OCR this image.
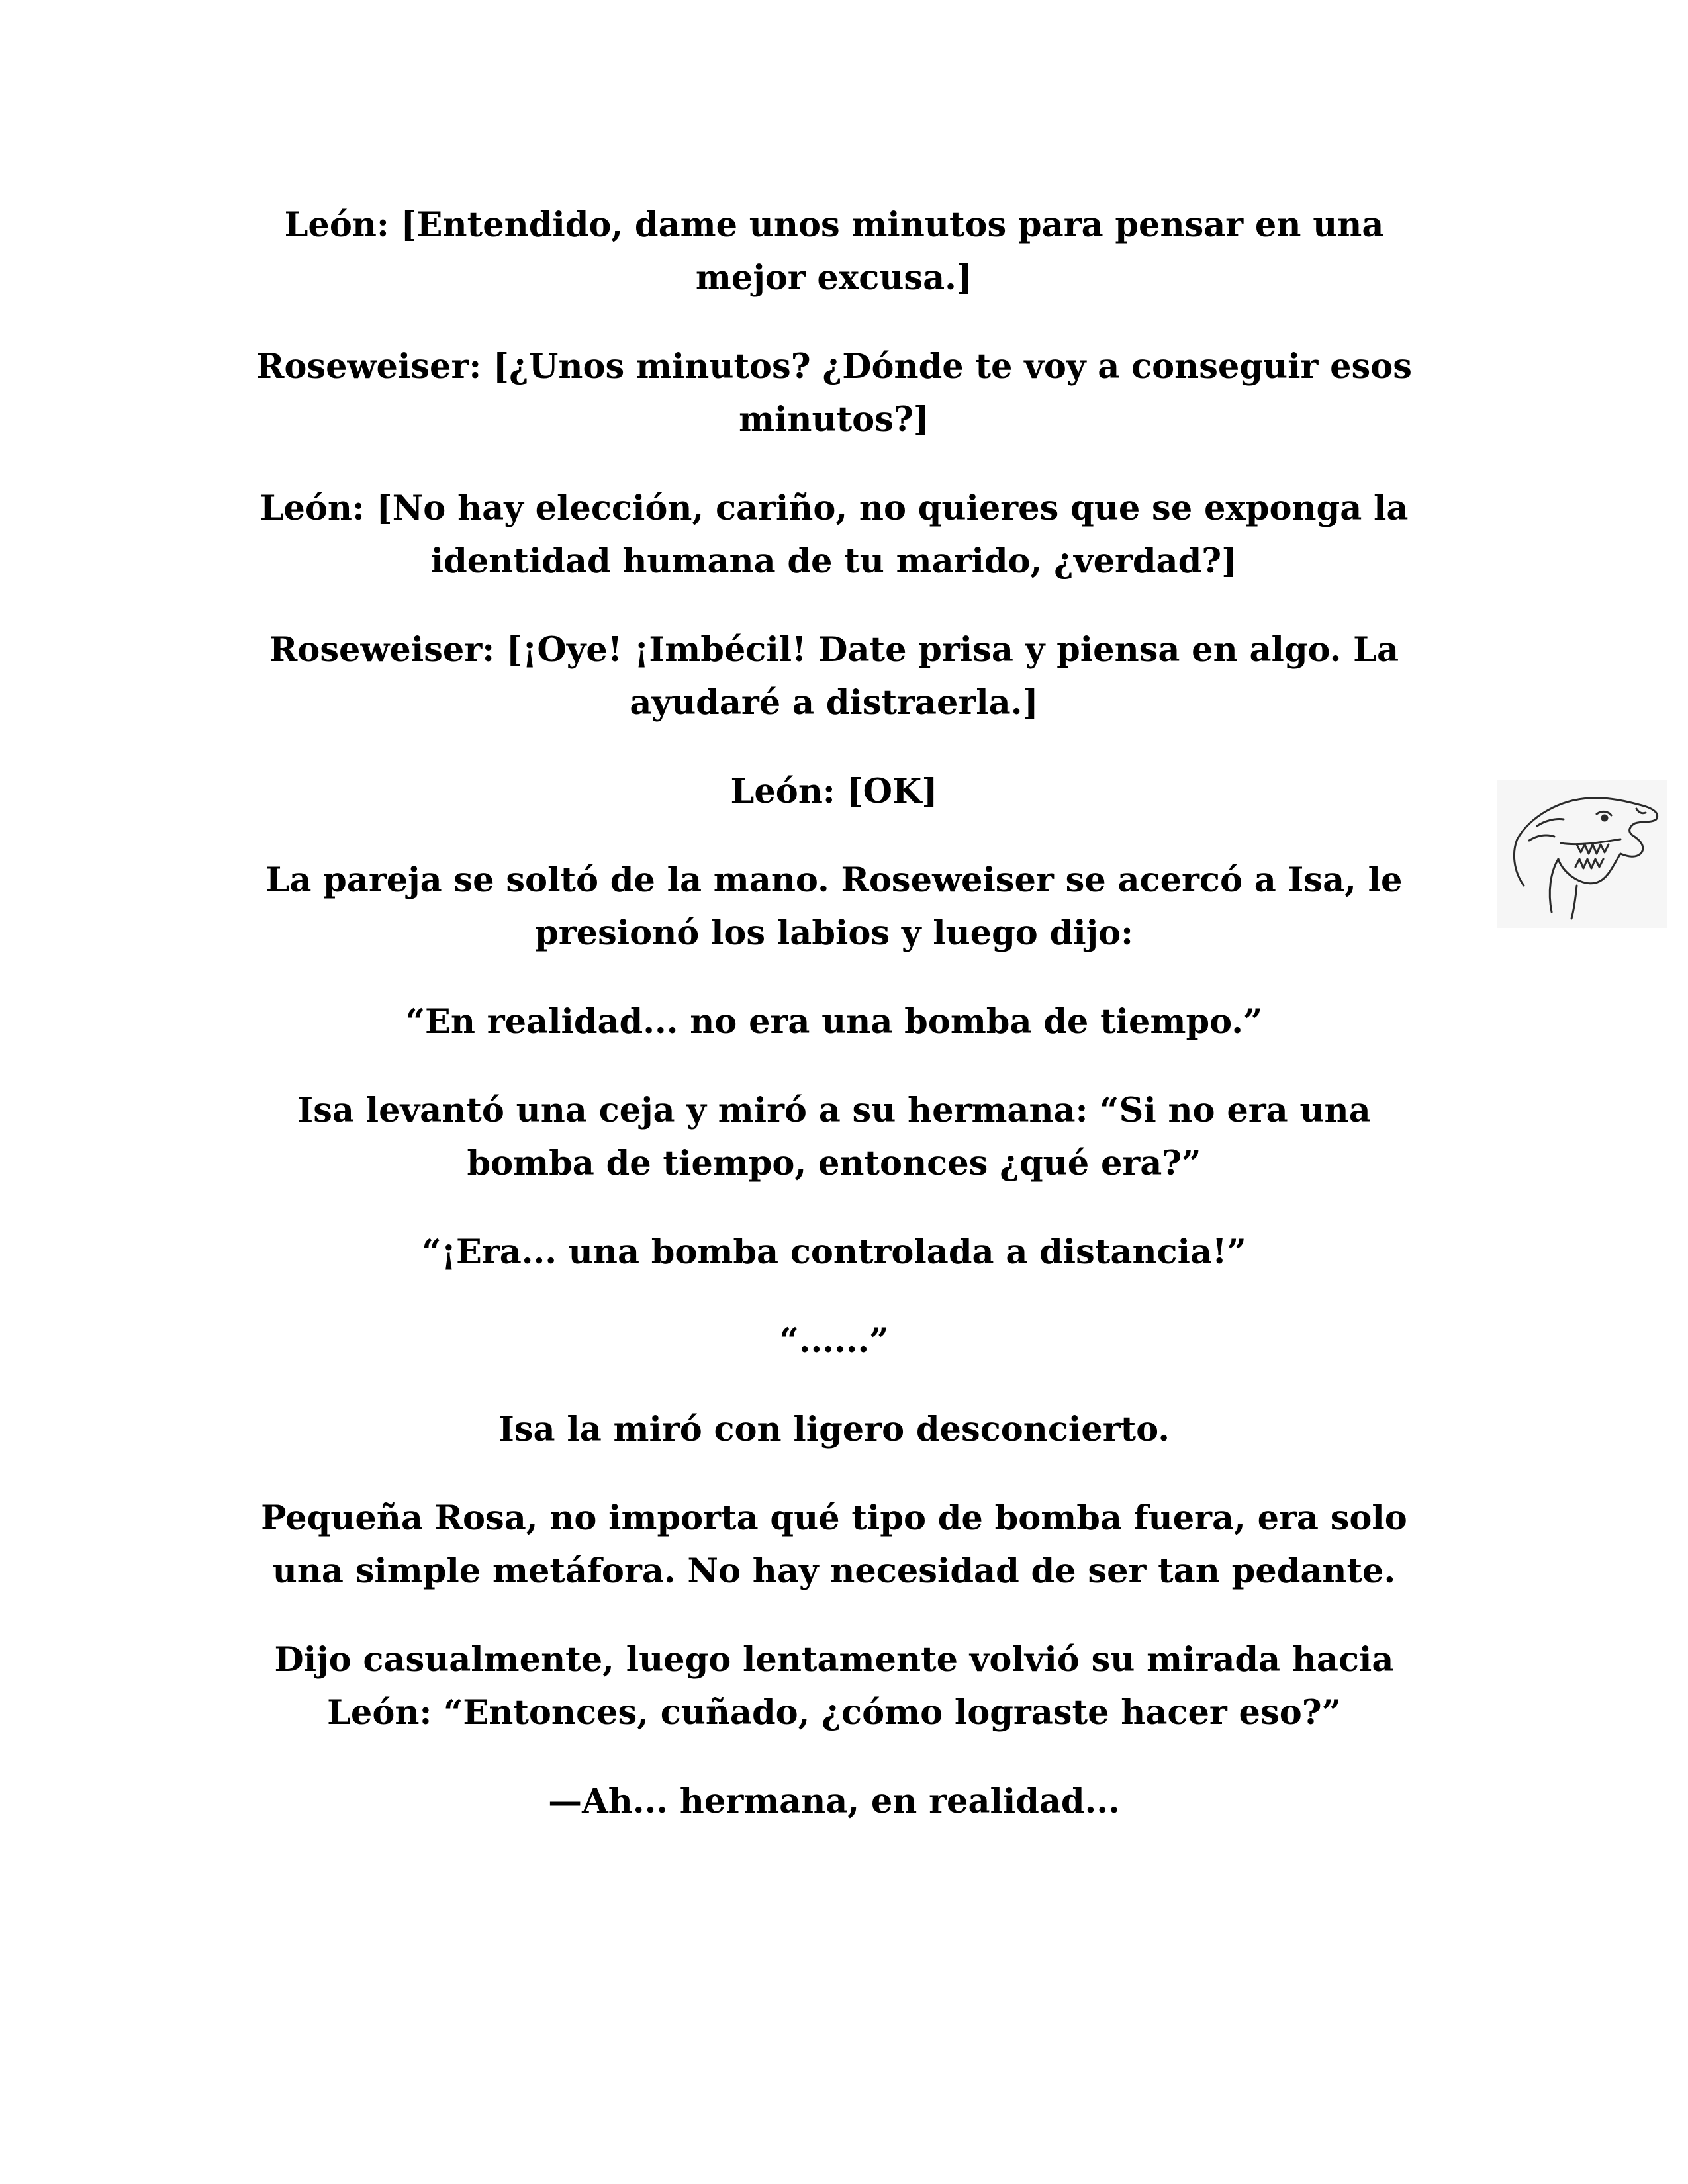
León: [Entendido, dame unos minutos para pensar en una mejor excusa.]

Roseweiser: [¿Unos minutos? ¿Dónde te voy a conseguir esos minutos?]

León: [No hay elección, cariño, no quieres que se exponga la identidad humana de tu marido, ¿verdad?]

Roseweiser: [¡Oye! ¡Imbécil! Date prisa y piensa en algo. La ayudaré a distraerla.]

León: [OK]

La pareja se soltó de la mano. Roseweiser se acercó a Isa, le presionó los labios y luego dijo:

“En realidad... no era una bomba de tiempo.”

Isa levantó una ceja y miró a su hermana: “Si no era una bomba de tiempo, entonces ¿qué era?”

“¡Era... una bomba controlada a distancia!”

“......”

Isa la miró con ligero desconcierto.

Pequeña Rosa, no importa qué tipo de bomba fuera, era solo una simple metáfora. No hay necesidad de ser tan pedante.

Dijo casualmente, luego lentamente volvió su mirada hacia León: “Entonces, cuñado, ¿cómo lograste hacer eso?”

—Ah... hermana, en realidad...
